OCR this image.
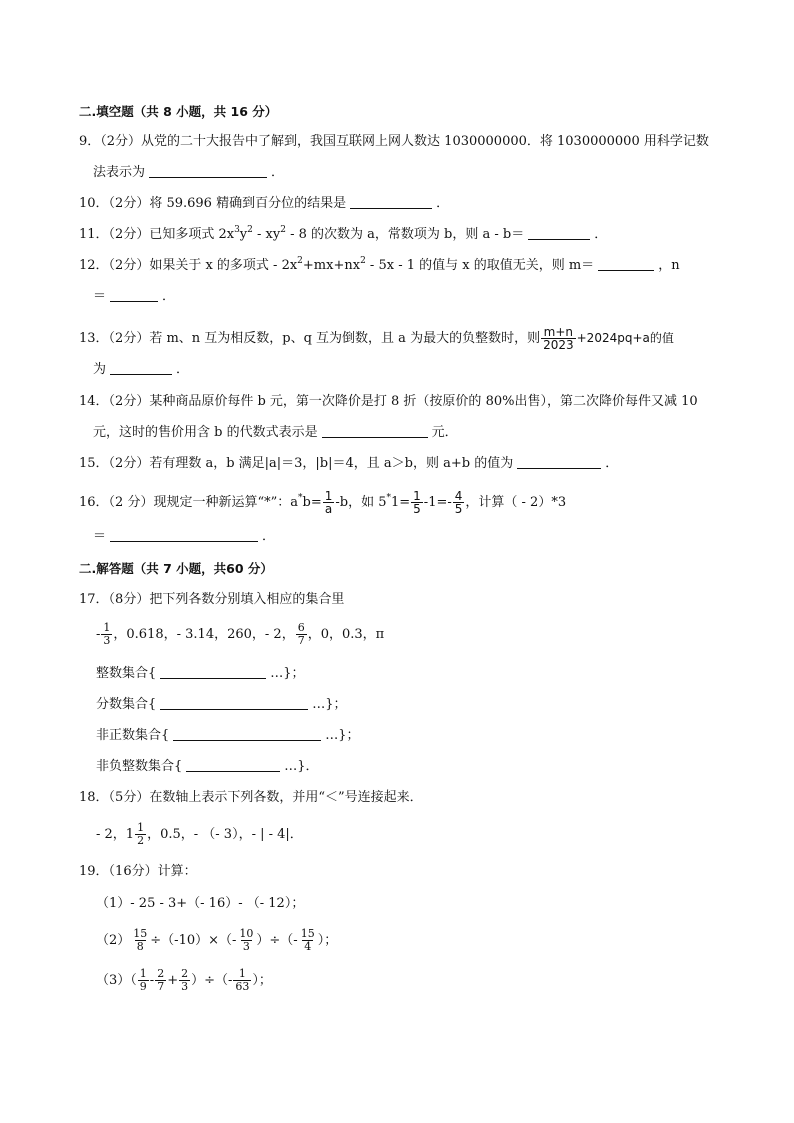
二.填空题（共 8 小题，共 16 分）
9．（2分）从党的二十大报告中了解到，我国互联网上网人数达 1030000000．将 1030000000 用科学记数
法表示为	．
10．（2分）将 59.696 精确到百分位的结果是	．
11．（2分）已知多项式 $2x^3y^2 - xy^2 - 8$ 的次数为 a，常数项为 b，则 a - b＝	．
12．（2分）如果关于 x 的多项式 - $2x^2+mx+nx^2 - 5x - 1$ 的值与 x 的取值无关，则 m＝	，n
＝	．
13．（2分）若 m、n 互为相反数，p、q 互为倒数，且 a 为最大的负整数时，则 $\frac{m+n}{2023} +2024pq+a$的值
为	．
14．（2分）某种商品原价每件 b 元，第一次降价是打 8 折（按原价的 80%出售），第二次降价每件又减 10
元，这时的售价用含 b 的代数式表示是	元．
15．（2分）若有理数 a，b 满足|a|＝3，|b|＝4，且 a＞b，则 a+b 的值为	．
16．（2 分）现规定一种新运算“*”：$a^*b= \frac{1}{a} -b$，如 $5^*1= \frac{1}{5} -1=- \frac{4}{5}$ ，计算（ - 2）*3
＝	．
二.解答题（共 7 小题，共60 分）
17．（8分）把下列各数分别填入相应的集合里
- $\frac{1}{3}$ ，0.618，- 3.14，260，- 2， $\frac{6}{7}$ ，0，0.3，π
整数集合{	…}；
分数集合{	…}；
非正数集合{	…}；
非负整数集合{	…}．
18．（5分）在数轴上表示下列各数，并用“＜”号连接起来．
- 2，$1 \frac{1}{2}$ ，0.5，- （- 3），- | - 4|．
19．（16分）计算：
（1）- 25 - 3+（- 16）- （- 12）；
$(2) \frac{15}{8} \div(-10)\times(- \frac{10}{3}$ ）÷（- $\frac{15}{4}$ ）；
$(3)( \frac{1}{9} - \frac{2}{7} + \frac{2}{3}$ ）÷（- $\frac{1}{63}$ ）；
